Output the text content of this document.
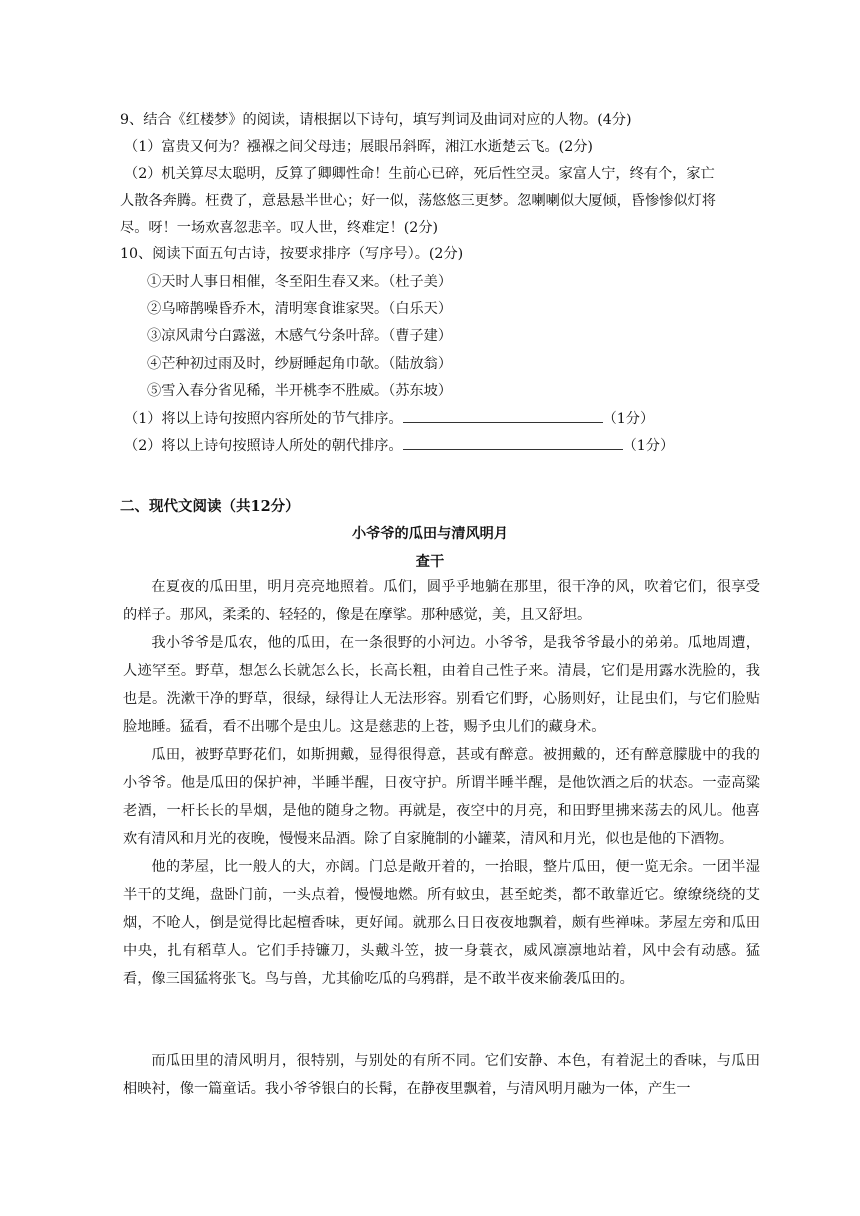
9、结合《红楼梦》的阅读，请根据以下诗句，填写判词及曲词对应的人物。(4分)
（1）富贵又何为？襁褓之间父母违；展眼吊斜晖，湘江水逝楚云飞。(2分)
（2）机关算尽太聪明，反算了卿卿性命！生前心已碎，死后性空灵。家富人宁，终有个，家亡
人散各奔腾。枉费了，意悬悬半世心；好一似，荡悠悠三更梦。忽喇喇似大厦倾，昏惨惨似灯将
尽。呀！一场欢喜忽悲辛。叹人世，终难定！(2分)
10、阅读下面五句古诗，按要求排序（写序号）。(2分)
①天时人事日相催，冬至阳生春又来。（杜子美）
②乌啼鹊噪昏乔木，清明寒食谁家哭。（白乐天）
③凉风肃兮白露滋，木感气兮条叶辞。（曹子建）
④芒种初过雨及时，纱厨睡起角巾欹。（陆放翁）
⑤雪入春分省见稀，半开桃李不胜威。（苏东坡）
（1）将以上诗句按照内容所处的节气排序。	（1分）
（2）将以上诗句按照诗人所处的朝代排序。	（1分）
二、现代文阅读（共12分）
小爷爷的瓜田与清风明月
查干

在夏夜的瓜田里，明月亮亮地照着。瓜们，圆乎乎地躺在那里，很干净的风，吹着它们，很享受的样子。那风，柔柔的、轻轻的，像是在摩挲。那种感觉，美，且又舒坦。

我小爷爷是瓜农，他的瓜田，在一条很野的小河边。小爷爷，是我爷爷最小的弟弟。瓜地周遭，人迹罕至。野草，想怎么长就怎么长，长高长粗，由着自己性子来。清晨，它们是用露水洗脸的，我也是。洗漱干净的野草，很绿，绿得让人无法形容。别看它们野，心肠则好，让昆虫们，与它们脸贴脸地睡。猛看，看不出哪个是虫儿。这是慈悲的上苍，赐予虫儿们的藏身术。

瓜田，被野草野花们，如斯拥戴，显得很得意，甚或有醉意。被拥戴的，还有醉意朦胧中的我的小爷爷。他是瓜田的保护神，半睡半醒，日夜守护。所谓半睡半醒，是他饮酒之后的状态。一壶高粱老酒，一杆长长的旱烟，是他的随身之物。再就是，夜空中的月亮，和田野里拂来荡去的风儿。他喜欢有清风和月光的夜晚，慢慢来品酒。除了自家腌制的小罐菜，清风和月光，似也是他的下酒物。

他的茅屋，比一般人的大，亦阔。门总是敞开着的，一抬眼，整片瓜田，便一览无余。一团半湿半干的艾绳，盘卧门前，一头点着，慢慢地燃。所有蚊虫，甚至蛇类，都不敢靠近它。缭缭绕绕的艾烟，不呛人，倒是觉得比起檀香味，更好闻。就那么日日夜夜地飘着，颇有些禅味。茅屋左旁和瓜田中央，扎有稻草人。它们手持镰刀，头戴斗笠，披一身蓑衣，威风凛凛地站着，风中会有动感。猛看，像三国猛将张飞。鸟与兽，尤其偷吃瓜的乌鸦群，是不敢半夜来偷袭瓜田的。

而瓜田里的清风明月，很特别，与别处的有所不同。它们安静、本色，有着泥土的香味，与瓜田相映衬，像一篇童话。我小爷爷银白的长髯，在静夜里飘着，与清风明月融为一体，产生一
